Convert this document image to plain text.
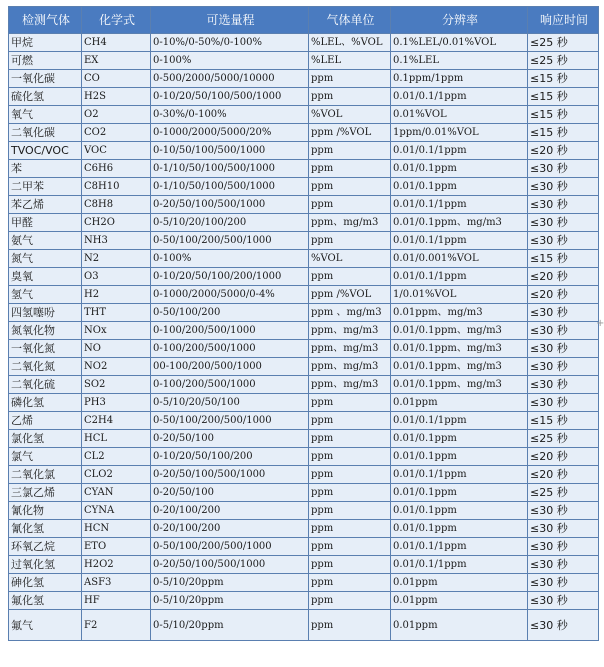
检测气体	化学式	可选量程	气体单位	分辨率	响应时间
甲烷	CH4	0-10%/0-50%/0-100%	%LEL、%VOL	0.1%LEL/0.01%VOL	≤25 秒
可燃	EX	0-100%	%LEL	0.1%LEL	≤25 秒
一氧化碳	CO	0-500/2000/5000/10000	ppm	0.1ppm/1ppm	≤15 秒
硫化氢	H2S	0-10/20/50/100/500/1000	ppm	0.01/0.1/1ppm	≤15 秒
氧气	O2	0-30%/0-100%	%VOL	0.01%VOL	≤15 秒
二氧化碳	CO2	0-1000/2000/5000/20%	ppm /%VOL	1ppm/0.01%VOL	≤15 秒
TVOC/VOC	VOC	0-10/50/100/500/1000	ppm	0.01/0.1/1ppm	≤20 秒
苯	C6H6	0-1/10/50/100/500/1000	ppm	0.01/0.1ppm	≤30 秒
二甲苯	C8H10	0-1/10/50/100/500/1000	ppm	0.01/0.1ppm	≤30 秒
苯乙烯	C8H8	0-20/50/100/500/1000	ppm	0.01/0.1/1ppm	≤30 秒
甲醛	CH2O	0-5/10/20/100/200	ppm、mg/m3	0.01/0.1ppm、mg/m3	≤30 秒
氨气	NH3	0-50/100/200/500/1000	ppm	0.01/0.1/1ppm	≤30 秒
氮气	N2	0-100%	%VOL	0.01/0.001%VOL	≤15 秒
臭氧	O3	0-10/20/50/100/200/1000	ppm	0.01/0.1/1ppm	≤20 秒
氢气	H2	0-1000/2000/5000/0-4%	ppm /%VOL	1/0.01%VOL	≤20 秒
四氢噻吩	THT	0-50/100/200	ppm 、mg/m3	0.01ppm、mg/m3	≤30 秒
氮氧化物	NOx	0-100/200/500/1000	ppm、mg/m3	0.01/0.1ppm、mg/m3	≤30 秒
一氧化氮	NO	0-100/200/500/1000	ppm、mg/m3	0.01/0.1ppm、mg/m3	≤30 秒
二氧化氮	NO2	00-100/200/500/1000	ppm、mg/m3	0.01/0.1ppm、mg/m3	≤30 秒
二氧化硫	SO2	0-100/200/500/1000	ppm、mg/m3	0.01/0.1ppm、mg/m3	≤30 秒
磷化氢	PH3	0-5/10/20/50/100	ppm	0.01ppm	≤30 秒
乙烯	C2H4	0-50/100/200/500/1000	ppm	0.01/0.1/1ppm	≤15 秒
氯化氢	HCL	0-20/50/100	ppm	0.01/0.1ppm	≤25 秒
氯气	CL2	0-10/20/50/100/200	ppm	0.01/0.1ppm	≤20 秒
二氧化氯	CLO2	0-20/50/100/500/1000	ppm	0.01/0.1/1ppm	≤20 秒
三氯乙烯	CYAN	0-20/50/100	ppm	0.01/0.1ppm	≤25 秒
氰化物	CYNA	0-20/100/200	ppm	0.01/0.1ppm	≤30 秒
氰化氢	HCN	0-20/100/200	ppm	0.01/0.1ppm	≤30 秒
环氧乙烷	ETO	0-50/100/200/500/1000	ppm	0.01/0.1/1ppm	≤30 秒
过氧化氢	H2O2	0-20/50/100/500/1000	ppm	0.01/0.1/1ppm	≤30 秒
砷化氢	ASF3	0-5/10/20ppm	ppm	0.01ppm	≤30 秒
氟化氢	HF	0-5/10/20ppm	ppm	0.01ppm	≤30 秒
氟气	F2	0-5/10/20ppm	ppm	0.01ppm	≤30 秒
+
